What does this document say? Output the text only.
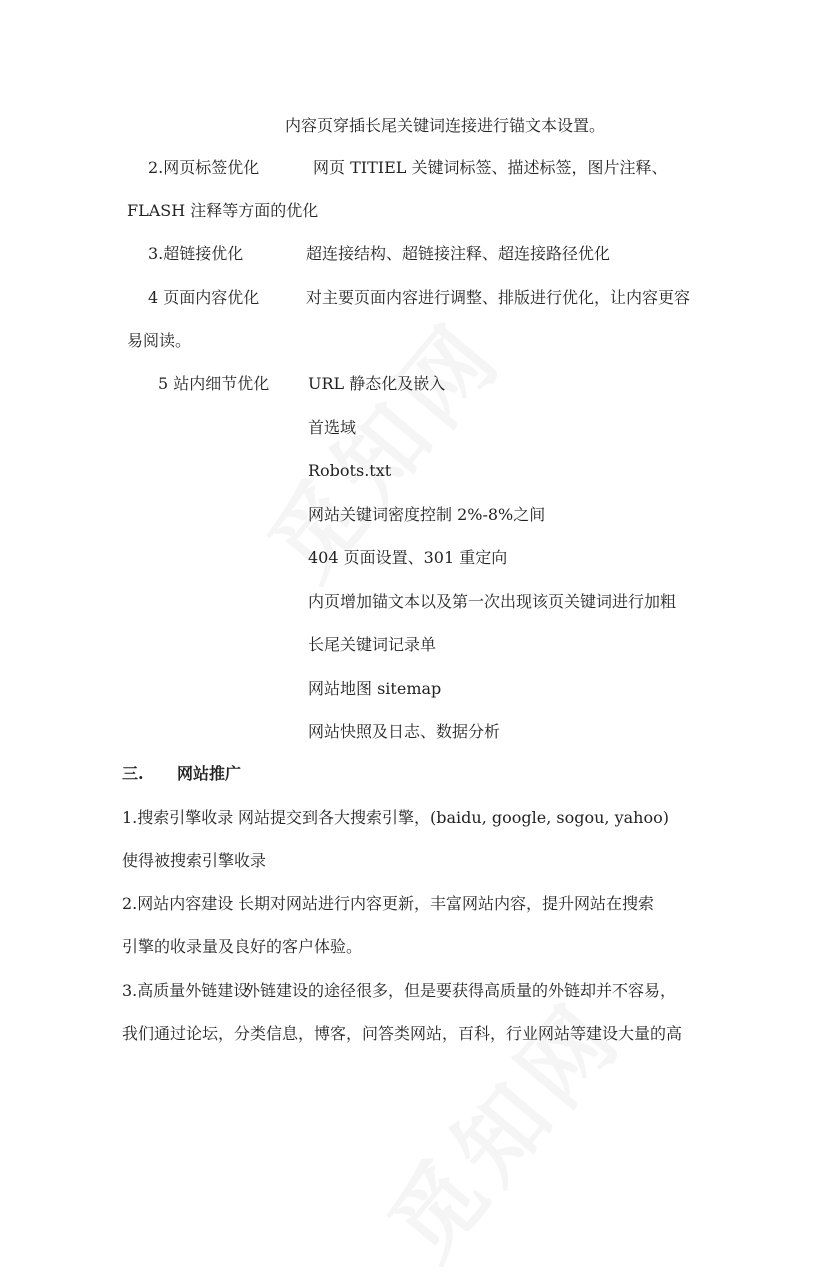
内容页穿插长尾关键词连接进行锚文本设置。
2.网页标签优化	网页 TITIEL 关键词标签、描述标签，图片注释、
FLASH 注释等方面的优化
3.超链接优化	超连接结构、超链接注释、超连接路径优化
4 页面内容优化	对主要页面内容进行调整、排版进行优化，让内容更容
易阅读。
5 站内细节优化 URL 静态化及嵌入
首选域
Robots.txt
网站关键词密度控制 2%-8%之间
404 页面设置、301 重定向
内页增加锚文本以及第一次出现该页关键词进行加粗
长尾关键词记录单
网站地图 sitemap
网站快照及日志、数据分析
三. 网站推广
1.搜索引擎收录 网站提交到各大搜索引擎，(baidu, google, sogou, yahoo)
使得被搜索引擎收录
2.网站内容建设 长期对网站进行内容更新，丰富网站内容，提升网站在搜索
引擎的收录量及良好的客户体验。
3.高质量外链建设
外链建设的途径很多，但是要获得高质量的外链却并不容易，
我们通过论坛，分类信息，博客，问答类网站，百科，行业网站等建设大量的高
